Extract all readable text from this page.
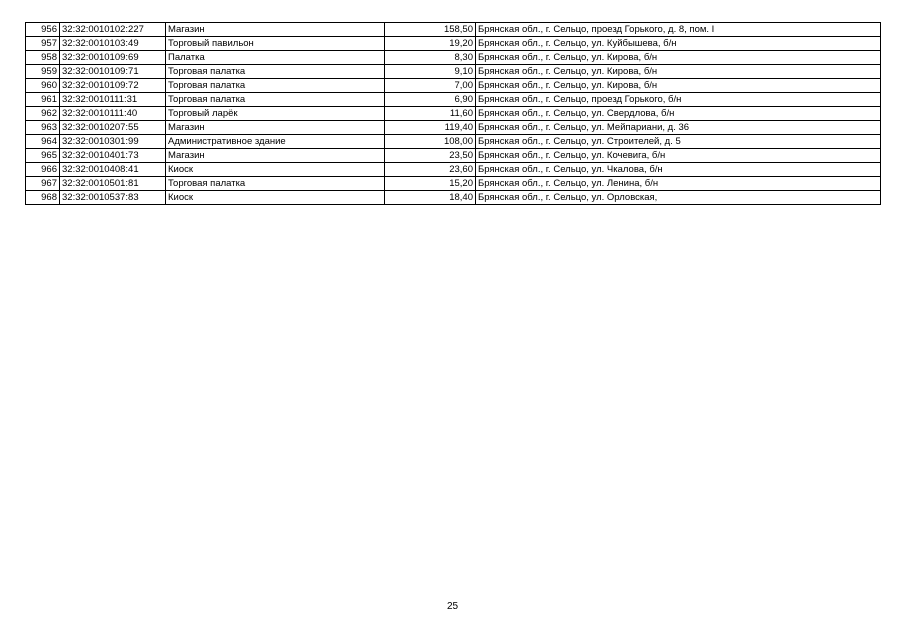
956	32:32:0010102:227	Магазин	158,50	Брянская обл., г. Сельцо, проезд Горького, д. 8, пом. I
957	32:32:0010103:49	Торговый павильон	19,20	Брянская обл., г. Сельцо, ул. Куйбышева, б/н
958	32:32:0010109:69	Палатка	8,30	Брянская обл., г. Сельцо, ул. Кирова, б/н
959	32:32:0010109:71	Торговая палатка	9,10	Брянская обл., г. Сельцо, ул. Кирова, б/н
960	32:32:0010109:72	Торговая палатка	7,00	Брянская обл., г. Сельцо, ул. Кирова, б/н
961	32:32:0010111:31	Торговая палатка	6,90	Брянская обл., г. Сельцо, проезд Горького, б/н
962	32:32:0010111:40	Торговый ларёк	11,60	Брянская обл., г. Сельцо, ул. Свердлова, б/н
963	32:32:0010207:55	Магазин	119,40	Брянская обл., г. Сельцо, ул. Мейпариани, д. 36
964	32:32:0010301:99	Административное здание	108,00	Брянская обл., г. Сельцо, ул. Строителей, д. 5
965	32:32:0010401:73	Магазин	23,50	Брянская обл., г. Сельцо, ул. Кочевига, б/н
966	32:32:0010408:41	Киоск	23,60	Брянская обл., г. Сельцо, ул. Чкалова, б/н
967	32:32:0010501:81	Торговая палатка	15,20	Брянская обл., г. Сельцо, ул. Ленина, б/н
968	32:32:0010537:83	Киоск	18,40	Брянская обл., г. Сельцо, ул. Орловская,
25
